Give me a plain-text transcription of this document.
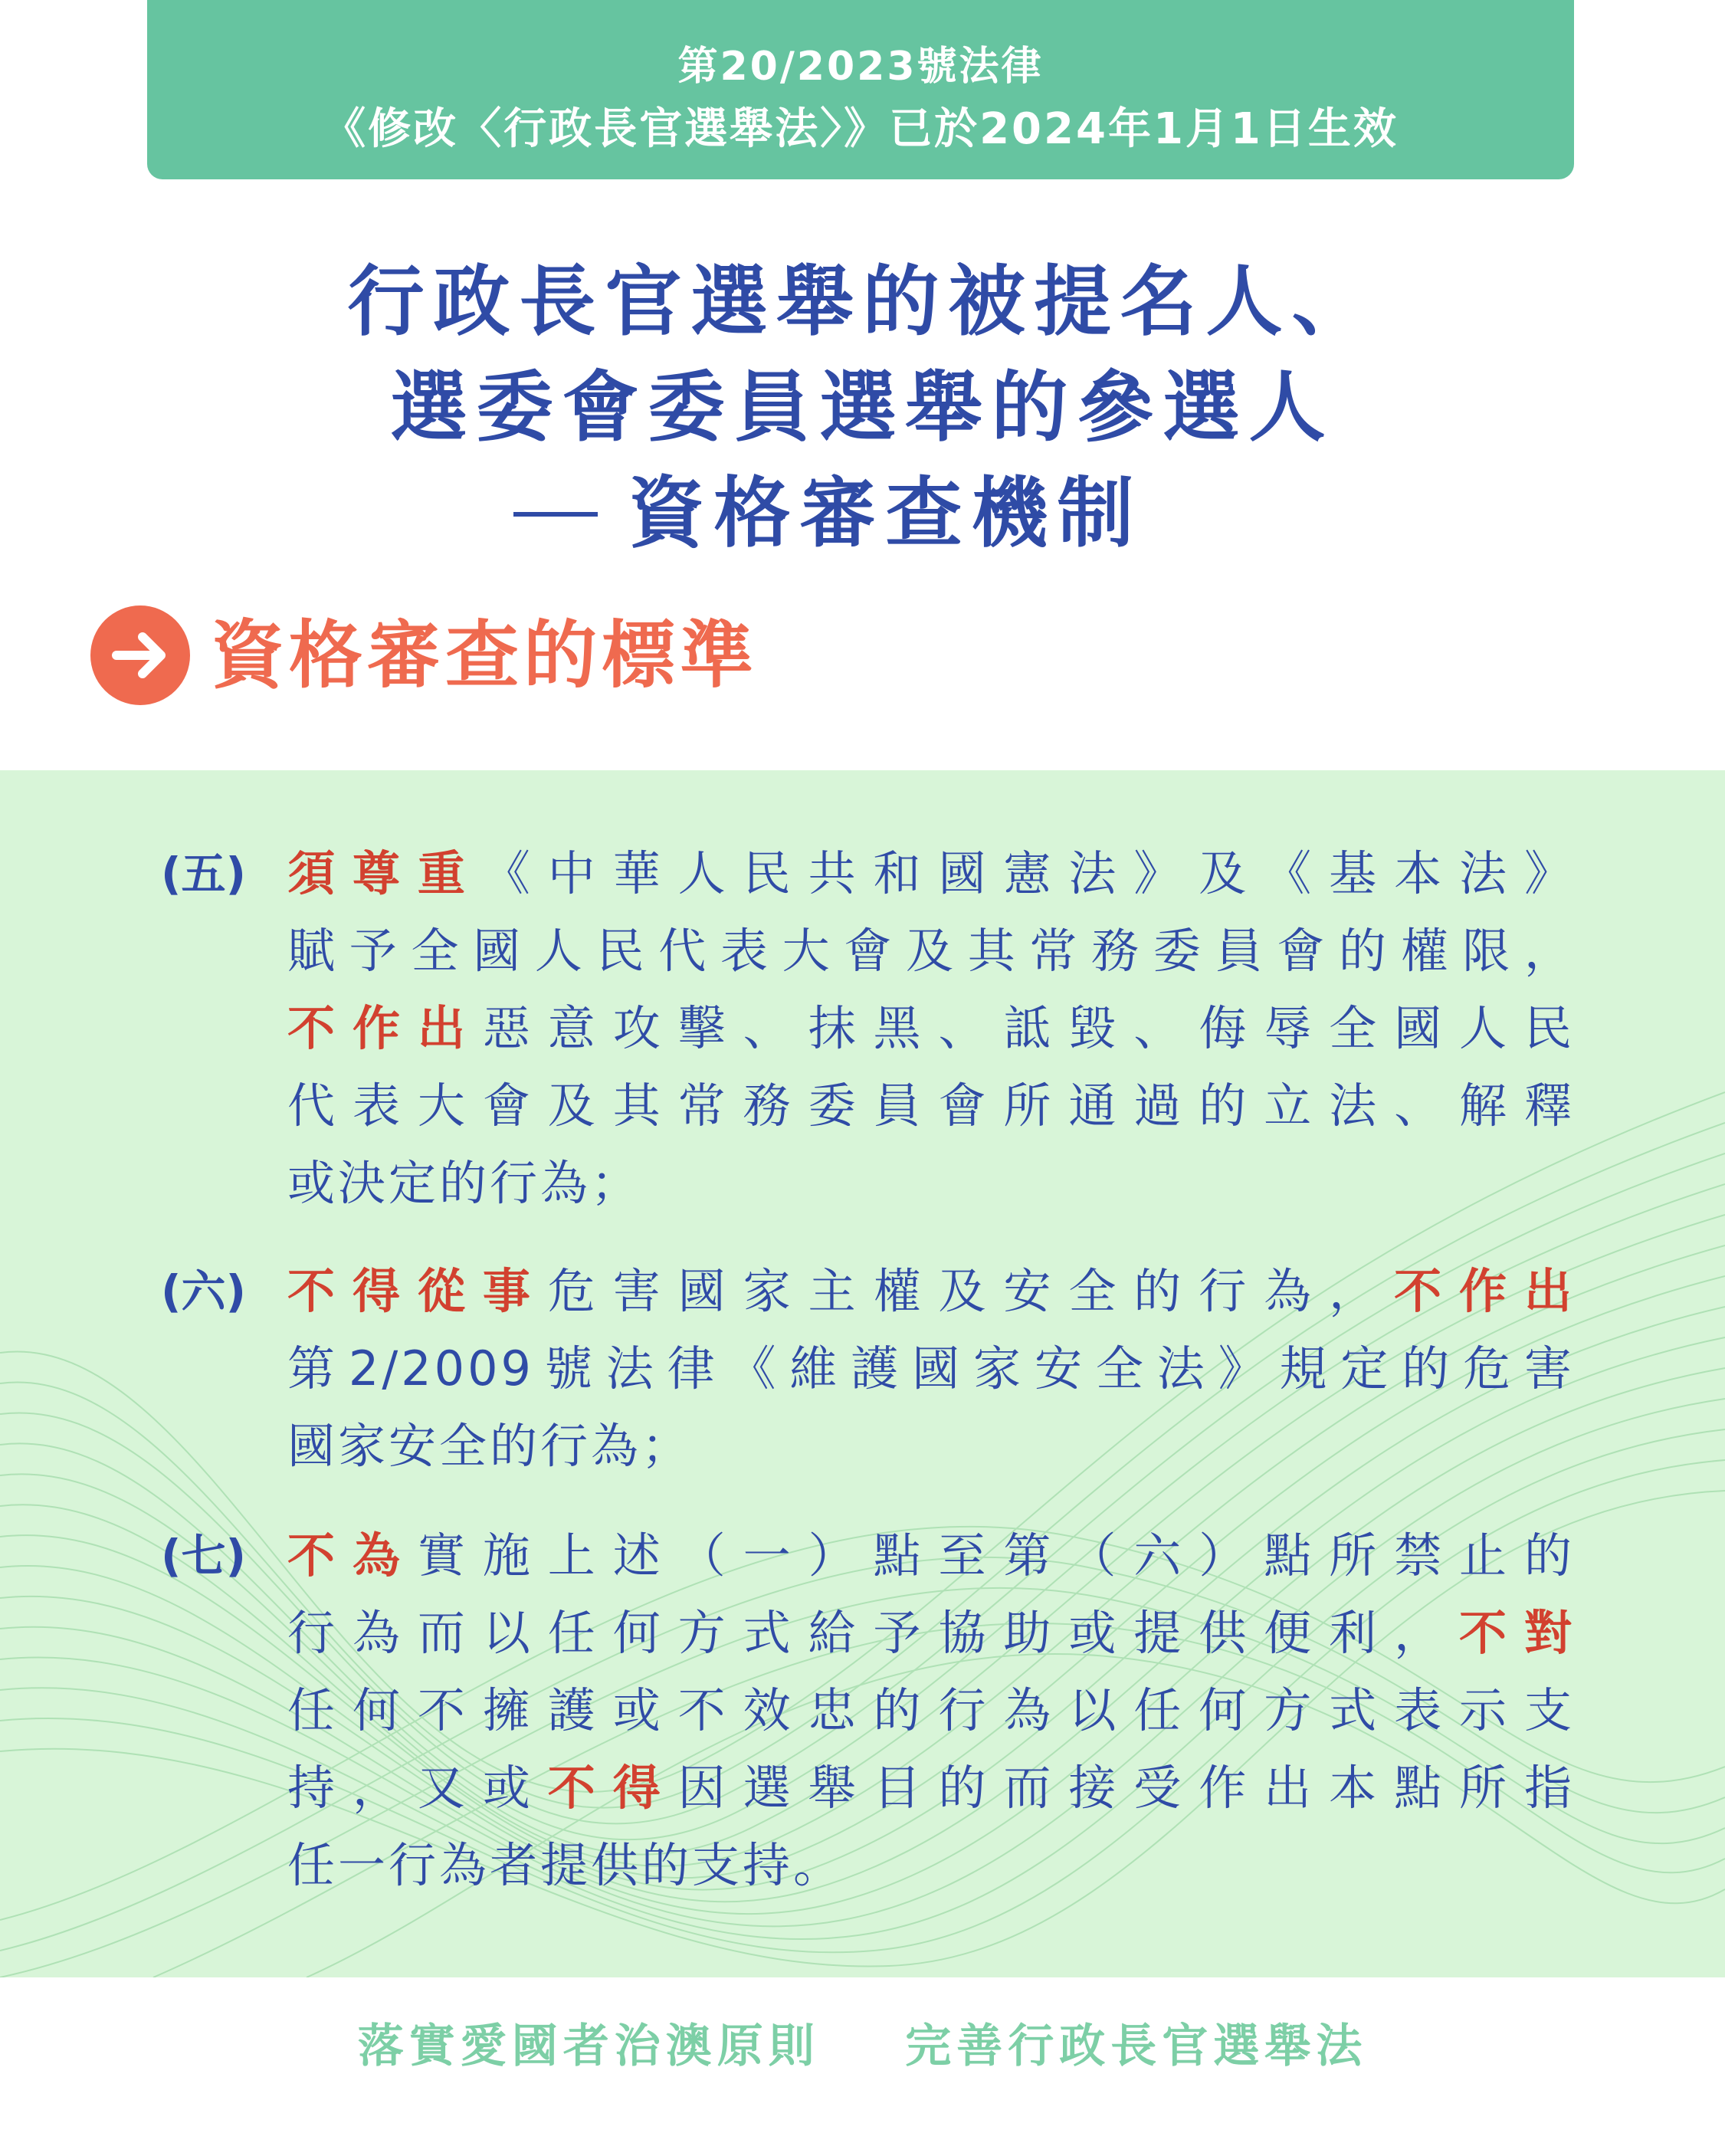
第20/2023號法律
《修改〈行政長官選舉法〉》已於2024年1月1日生效
行政長官選舉的被提名人、
選委會委員選舉的參選人
資格審查機制
資格審查的標準
(五) 須尊重《中華人民共和國憲法》及《基本法》
賦予全國人民代表大會及其常務委員會的權限，
不作出惡意攻擊、抹黑、詆毀、侮辱全國人民
代表大會及其常務委員會所通過的立法、解釋
或決定的行為；
(六) 不得從事危害國家主權及安全的行為，不作出
第2/2009號法律《維護國家安全法》規定的危害
國家安全的行為；
(七) 不為實施上述（一）點至第（六）點所禁止的
行為而以任何方式給予協助或提供便利，不對
任何不擁護或不效忠的行為以任何方式表示支
持，又或不得因選舉目的而接受作出本點所指
任一行為者提供的支持。
落實愛國者治澳原則 完善行政長官選舉法
